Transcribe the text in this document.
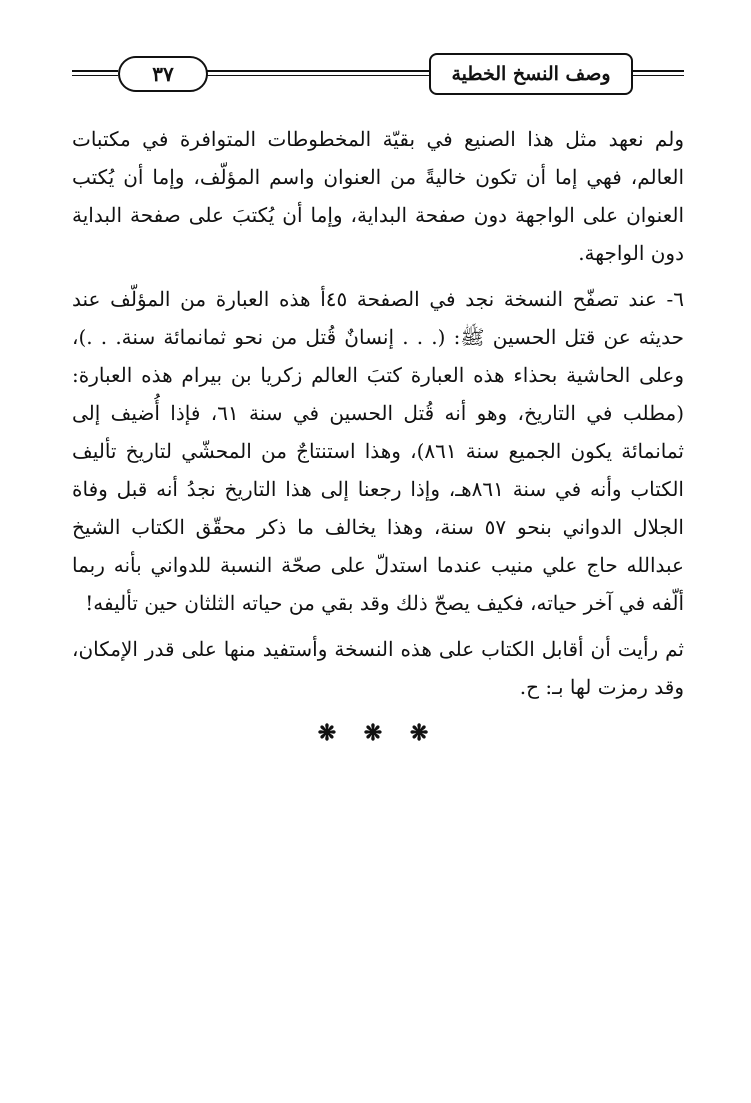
٣٧	وصف النسخ الخطية

ولم نعهد مثل هذا الصنيع في بقيّة المخطوطات المتوافرة في مكتبات العالم، فهي إما أن تكون خاليةً من العنوان واسم المؤلّف، وإما أن يُكتب العنوان على الواجهة دون صفحة البداية، وإما أن يُكتبَ على صفحة البداية دون الواجهة.

٦- عند تصفّح النسخة نجد في الصفحة ٤٥أ هذه العبارة من المؤلّف عند حديثه عن قتل الحسين ﷺ: (. . . إنسانٌ قُتل من نحو ثمانمائة سنة. . .)، وعلى الحاشية بحذاء هذه العبارة كتبَ العالم زكريا بن بيرام هذه العبارة: (مطلب في التاريخ، وهو أنه قُتل الحسين في سنة ٦١، فإذا أُضيف إلى ثمانمائة يكون الجميع سنة ٨٦١)، وهذا استنتاجٌ من المحشّي لتاريخ تأليف الكتاب وأنه في سنة ٨٦١هـ، وإذا رجعنا إلى هذا التاريخ نجدُ أنه قبل وفاة الجلال الدواني بنحو ٥٧ سنة، وهذا يخالف ما ذكر محقّق الكتاب الشيخ عبدالله حاج علي منيب عندما استدلّ على صحّة النسبة للدواني بأنه ربما ألّفه في آخر حياته، فكيف يصحّ ذلك وقد بقي من حياته الثلثان حين تأليفه!

ثم رأيت أن أقابل الكتاب على هذه النسخة وأستفيد منها على قدر الإمكان، وقد رمزت لها بـ: ح.

❋ ❋ ❋
